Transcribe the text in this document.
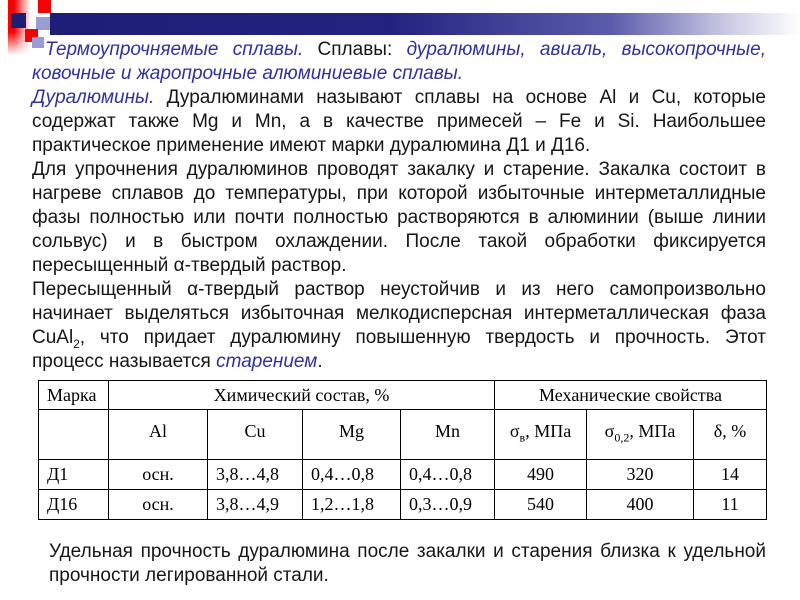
Термоупрочняемые сплавы. Сплавы: дуралюмины, авиаль, высокопрочные, ковочные и жаропрочные алюминиевые сплавы.

Дуралюмины. Дуралюминами называют сплавы на основе Al и Cu, которые содержат также Mg и Mn, а в качестве примесей – Fe и Si. Наибольшее практическое применение имеют марки дуралюмина Д1 и Д16.

Для упрочнения дуралюминов проводят закалку и старение. Закалка состоит в нагреве сплавов до температуры, при которой избыточные интерметаллидные фазы полностью или почти полностью растворяются в алюминии (выше линии сольвус) и в быстром охлаждении. После такой обработки фиксируется пересыщенный α-твердый раствор.

Пересыщенный α-твердый раствор неустойчив и из него самопроизвольно начинает выделяться избыточная мелкодисперсная интерметаллическая фаза CuAl$_2$, что придает дуралюмину повышенную твердость и прочность. Этот процесс называется старением.

Марка	Химический состав, %				Механические свойства		
	Al	Cu	Mg	Mn	$\sigma_в$, МПа	$\sigma_{0,2}$, МПа	δ, %
Д1	осн.	3,8…4,8	0,4…0,8	0,4…0,8	490	320	14
Д16	осн.	3,8…4,9	1,2…1,8	0,3…0,9	540	400	11

Удельная прочность дуралюмина после закалки и старения близка к удельной прочности легированной стали.
